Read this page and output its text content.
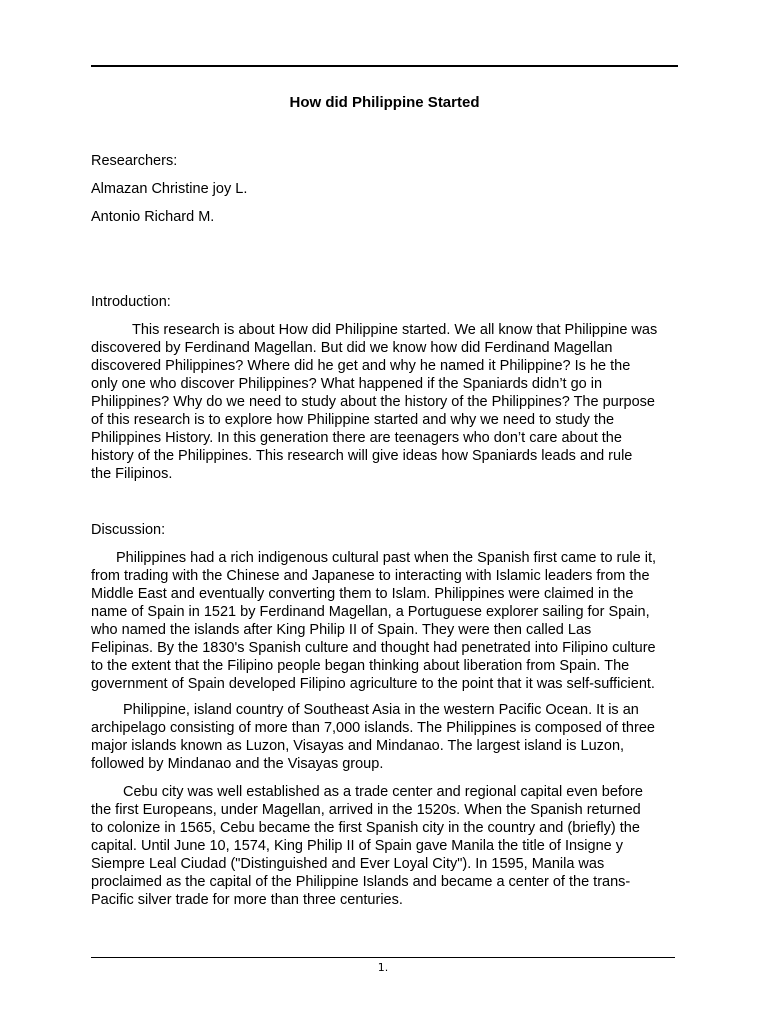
How did Philippine Started
Researchers:
Almazan Christine joy L.
Antonio Richard M.
Introduction:
This research is about How did Philippine started. We all know that Philippine was
discovered by Ferdinand Magellan. But did we know how did Ferdinand Magellan
discovered Philippines? Where did he get and why he named it Philippine? Is he the
only one who discover Philippines? What happened if the Spaniards didn’t go in
Philippines? Why do we need to study about the history of the Philippines? The purpose
of this research is to explore how Philippine started and why we need to study the
Philippines History. In this generation there are teenagers who don’t care about the
history of the Philippines. This research will give ideas how Spaniards leads and rule
the Filipinos.
Discussion:
Philippines had a rich indigenous cultural past when the Spanish first came to rule it,
from trading with the Chinese and Japanese to interacting with Islamic leaders from the
Middle East and eventually converting them to Islam. Philippines were claimed in the
name of Spain in 1521 by Ferdinand Magellan, a Portuguese explorer sailing for Spain,
who named the islands after King Philip II of Spain. They were then called Las
Felipinas. By the 1830's Spanish culture and thought had penetrated into Filipino culture
to the extent that the Filipino people began thinking about liberation from Spain. The
government of Spain developed Filipino agriculture to the point that it was self-sufficient.
Philippine, island country of Southeast Asia in the western Pacific Ocean. It is an
archipelago consisting of more than 7,000 islands. The Philippines is composed of three
major islands known as Luzon, Visayas and Mindanao. The largest island is Luzon,
followed by Mindanao and the Visayas group.
Cebu city was well established as a trade center and regional capital even before
the first Europeans, under Magellan, arrived in the 1520s. When the Spanish returned
to colonize in 1565, Cebu became the first Spanish city in the country and (briefly) the
capital. Until June 10, 1574, King Philip II of Spain gave Manila the title of Insigne y
Siempre Leal Ciudad ("Distinguished and Ever Loyal City"). In 1595, Manila was
proclaimed as the capital of the Philippine Islands and became a center of the trans-
Pacific silver trade for more than three centuries.
1.
